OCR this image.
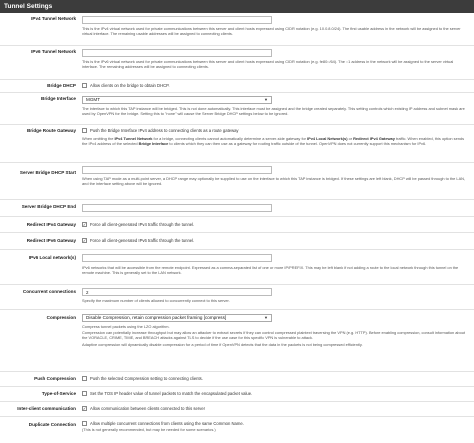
Tunnel Settings
IPv4 Tunnel Network
This is the IPv4 virtual network used for private communications between this server and client hosts expressed using CIDR notation (e.g. 10.0.8.0/24). The first usable address in the network will be assigned to the server virtual interface. The remaining usable addresses will be assigned to connecting clients.
IPv6 Tunnel Network
This is the IPv6 virtual network used for private communications between this server and client hosts expressed using CIDR notation (e.g. fe80::/64). The ::1 address in the network will be assigned to the server virtual interface. The remaining addresses will be assigned to connecting clients.
Bridge DHCP	Allow clients on the bridge to obtain DHCP.
Bridge Interface	MGMT	▼
The interface to which this TAP instance will be bridged. This is not done automatically. This interface must be assigned and the bridge created separately. This setting controls which existing IP address and subnet mask are used by OpenVPN for the bridge. Setting this to "none" will cause the Server Bridge DHCP settings below to be ignored.
Bridge Route Gateway	Push the Bridge Interface IPv4 address to connecting clients as a route gateway
When omitting the IPv4 Tunnel Network for a bridge, connecting clients cannot automatically determine a server-side gateway for IPv4 Local Network(s) or Redirect IPv4 Gateway traffic. When enabled, this option sends the IPv4 address of the selected Bridge Interface to clients which they can then use as a gateway for routing traffic outside of the tunnel. OpenVPN does not currently support this mechanism for IPv6.
Server Bridge DHCP Start
When using TAP mode as a multi-point server, a DHCP range may optionally be supplied to use on the interface to which this TAP instance is bridged. If these settings are left blank, DHCP will be passed through to the LAN, and the interface setting above will be ignored.
Server Bridge DHCP End
Redirect IPv4 Gateway ✓ Force all client-generated IPv4 traffic through the tunnel.
Redirect IPv6 Gateway ✓ Force all client-generated IPv6 traffic through the tunnel.
IPv6 Local network(s)
IPv6 networks that will be accessible from the remote endpoint. Expressed as a comma-separated list of one or more IP/PREFIX. This may be left blank if not adding a route to the local network through this tunnel on the remote machine. This is generally set to the LAN network.
Concurrent connections
2
Specify the maximum number of clients allowed to concurrently connect to this server.
Compression	Disable Compression, retain compression packet framing [compress]	▼
Compress tunnel packets using the LZO algorithm.
Compression can potentially increase throughput but may allow an attacker to extract secrets if they can control compressed plaintext traversing the VPN (e.g. HTTP). Before enabling compression, consult information about the VORACLE, CRIME, TIME, and BREACH attacks against TLS to decide if the use case for this specific VPN is vulnerable to attack.
Adaptive compression will dynamically disable compression for a period of time if OpenVPN detects that the data in the packets is not being compressed efficiently.
Push Compression	Push the selected Compression setting to connecting clients.
Type-of-Service	Set the TOS IP header value of tunnel packets to match the encapsulated packet value.
Inter-client communication ✓ Allow communication between clients connected to this server
Duplicate Connection	Allow multiple concurrent connections from clients using the same Common Name.
(This is not generally recommended, but may be needed for some scenarios.)
